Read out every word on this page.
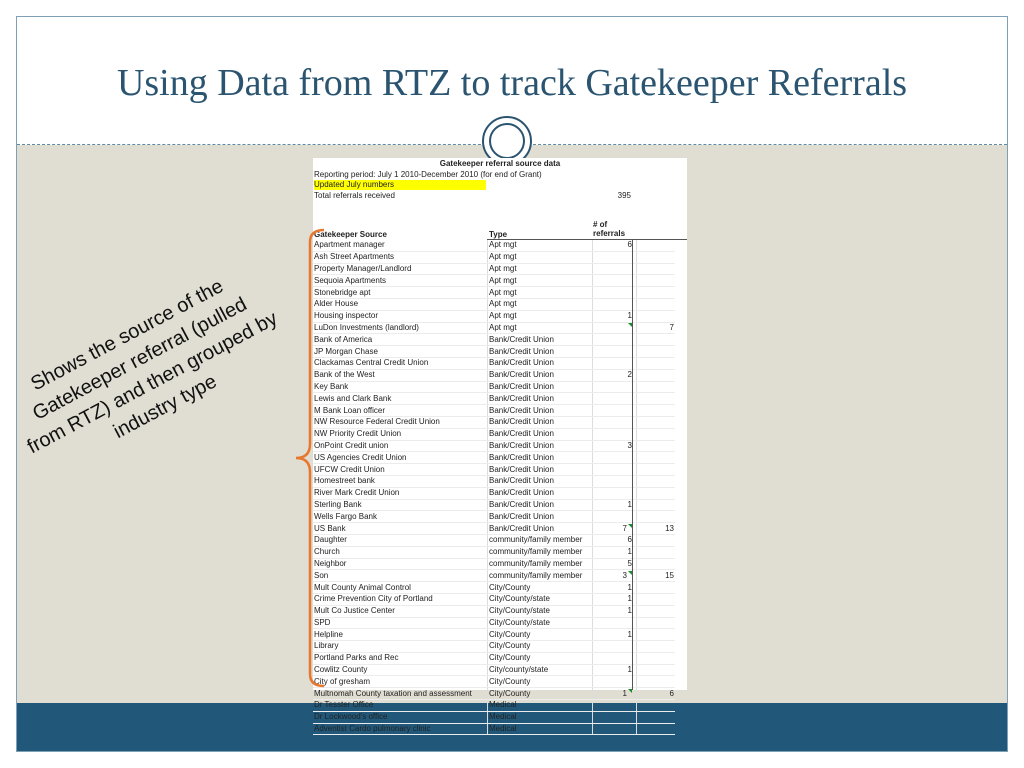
Using Data from RTZ to track Gatekeeper Referrals
Gatekeeper referral source data
Reporting period: July 1 2010-December 2010 (for end of Grant)
Updated July numbers
Total referrals received	395
Gatekeeper Source	Type
# of referrals
Apartment manager	Apt mgt	6	
Ash Street Apartments	Apt mgt		
Property Manager/Landlord	Apt mgt		
Sequoia Apartments	Apt mgt		
Stonebridge apt	Apt mgt		
Alder House	Apt mgt		
Housing inspector	Apt mgt	1	
LuDon Investments (landlord)	Apt mgt		7
Bank of America	Bank/Credit Union		
JP Morgan Chase	Bank/Credit Union		
Clackamas Central Credit Union	Bank/Credit Union		
Bank of the West	Bank/Credit Union	2	
Key Bank	Bank/Credit Union		
Lewis and Clark Bank	Bank/Credit Union		
M Bank Loan officer	Bank/Credit Union		
NW Resource Federal Credit Union	Bank/Credit Union		
NW Priority Credit Union	Bank/Credit Union		
OnPoint Credit union	Bank/Credit Union	3	
US Agencies Credit Union	Bank/Credit Union		
UFCW Credit Union	Bank/Credit Union		
Homestreet bank	Bank/Credit Union		
River Mark Credit Union	Bank/Credit Union		
Sterling Bank	Bank/Credit Union	1	
Wells Fargo Bank	Bank/Credit Union		
US Bank	Bank/Credit Union	7	13
Daughter	community/family member	6	
Church	community/family member	1	
Neighbor	community/family member	5	
Son	community/family member	3	15
Mult County Animal Control	City/County	1	
Crime Prevention City of Portland	City/County/state	1	
Mult Co Justice Center	City/County/state	1	
SPD	City/County/state		
Helpline	City/County	1	
Library	City/County		
Portland Parks and Rec	City/County		
Cowlitz County	City/county/state	1	
City of gresham	City/County		
Multnomah County taxation and assessment	City/County	1	6
Dr Tesster Office	Medical		
Dr Lockwood's office	Medical		
Adventist Cardo pulmonary clinic	Medical		
Shows the source of the Gatekeeper referral (pulled from RTZ) and then grouped by industry type
